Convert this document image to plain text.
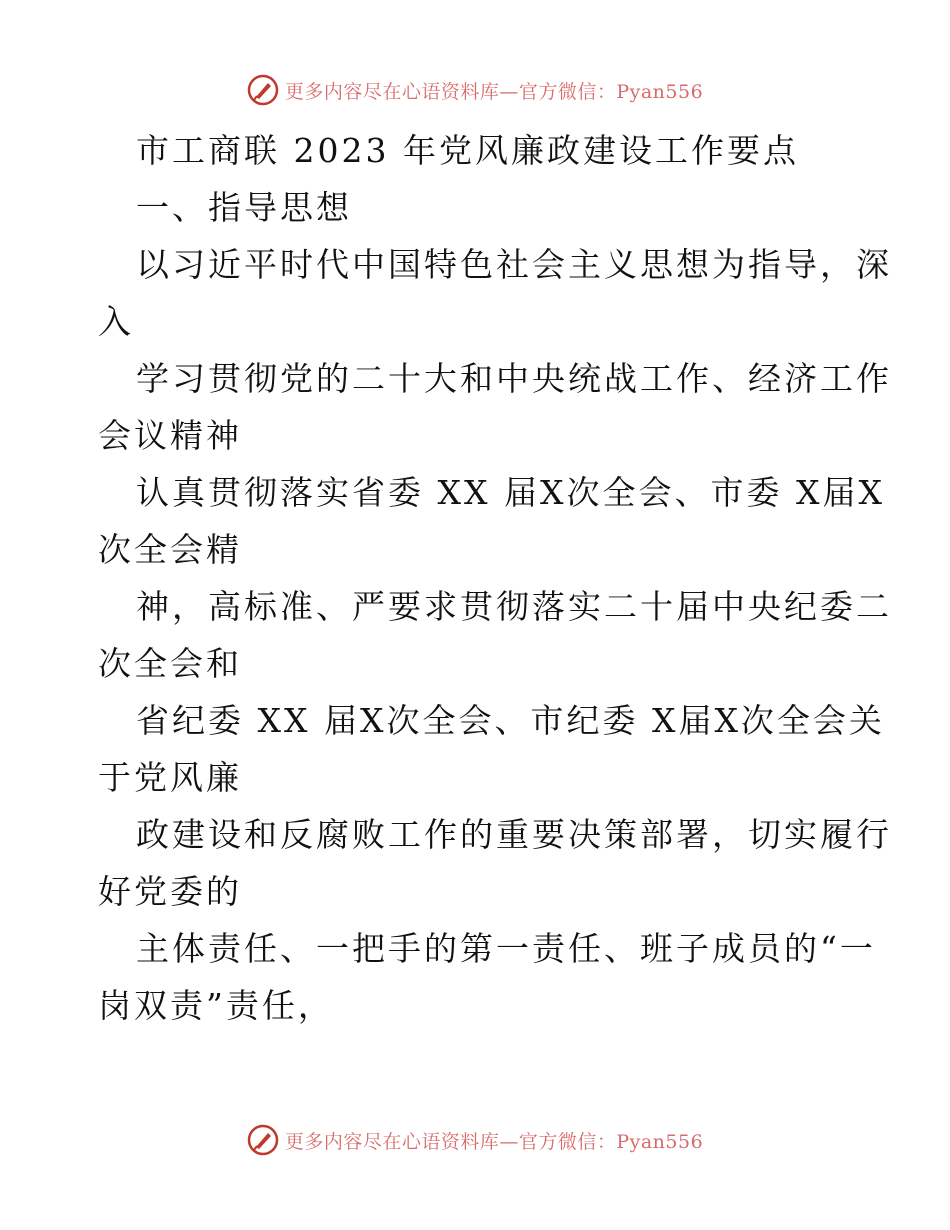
更多内容尽在心语资料库—官方微信：Pyan556
市工商联 2023 年党风廉政建设工作要点
一、指导思想
以习近平时代中国特色社会主义思想为指导，深
入
学习贯彻党的二十大和中央统战工作、经济工作
会议精神
认真贯彻落实省委 XX 届X次全会、市委 X届X
次全会精
神，高标准、严要求贯彻落实二十届中央纪委二
次全会和
省纪委 XX 届X次全会、市纪委 X届X次全会关
于党风廉
政建设和反腐败工作的重要决策部署，切实履行
好党委的
主体责任、一把手的第一责任、班子成员的“一
岗双责”责任，
更多内容尽在心语资料库—官方微信：Pyan556
